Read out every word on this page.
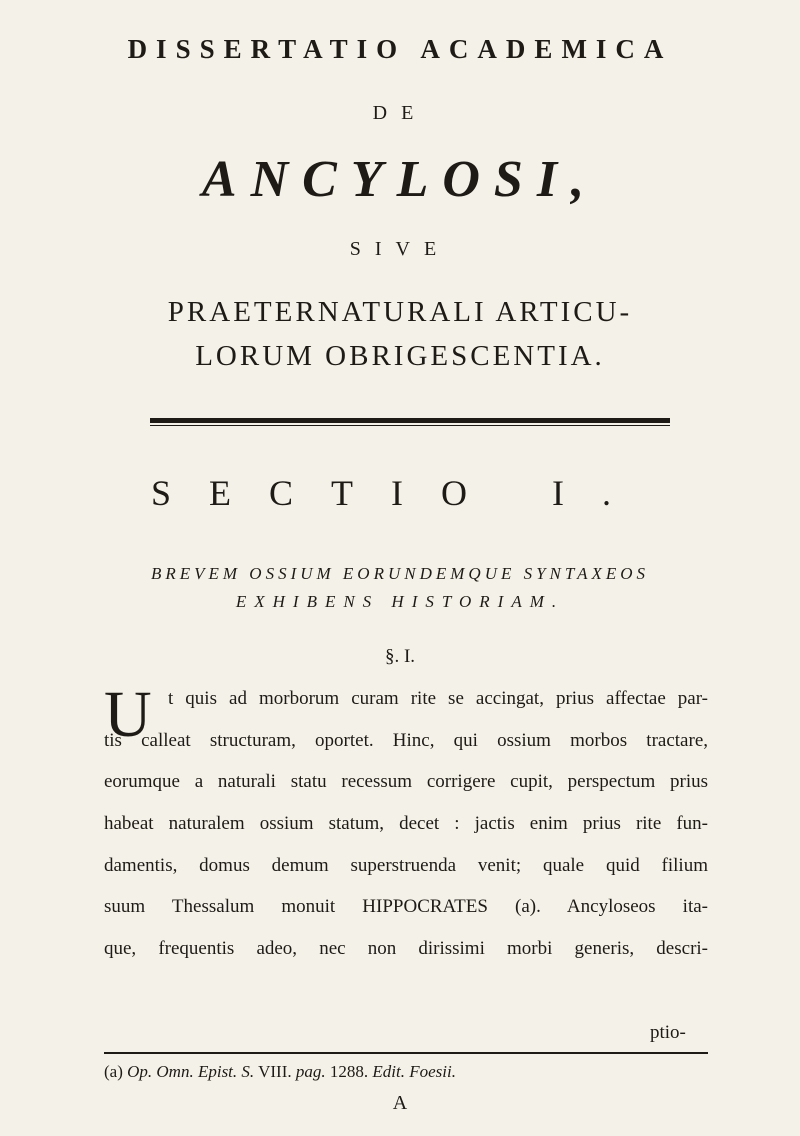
DISSERTATIO ACADEMICA
DE
ANCYLOSI,
SIVE
PRAETERNATURALI ARTICU-
LORUM OBRIGESCENTIA.
SECTIO I.
BREVEM OSSIUM EORUNDEMQUE SYNTAXEOS
EXHIBENS HISTORIAM.
§. I.
U t quis ad morborum curam rite se accingat, prius affectae par-
tis calleat structuram, oportet. Hinc, qui ossium morbos tractare,
eorumque a naturali statu recessum corrigere cupit, perspectum prius
habeat naturalem ossium statum, decet : jactis enim prius rite fun-
damentis, domus demum superstruenda venit; quale quid filium
suum Thessalum monuit HIPPOCRATES (a). Ancylosеos ita-
que, frequentis adeo, nec non dirissimi morbi generis, descri-
ptio-
(a) Op. Omn. Epist. S. VIII. pag. 1288. Edit. Foesii.
A
